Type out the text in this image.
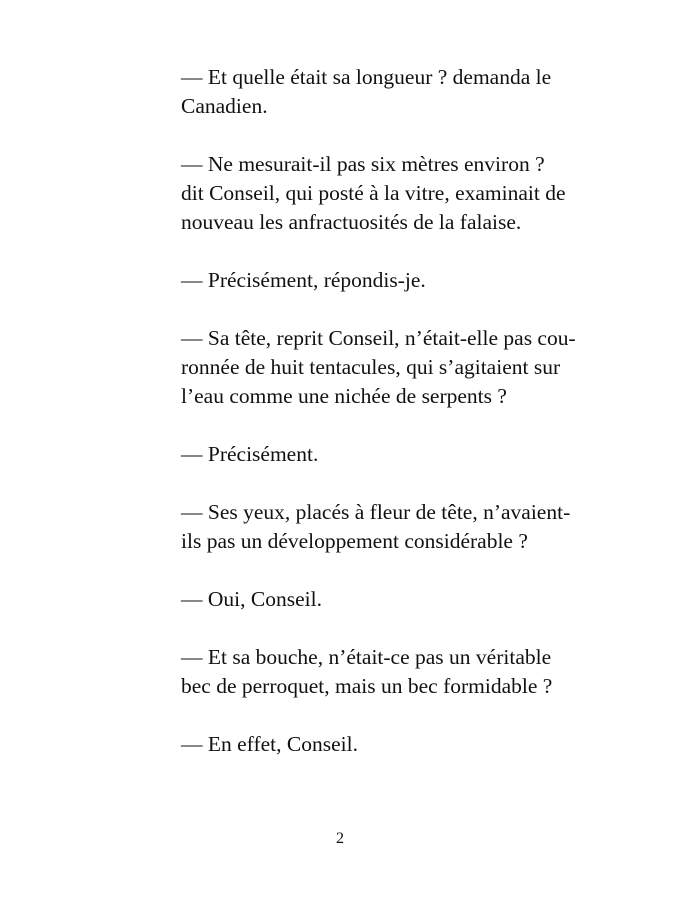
— Et quelle était sa longueur ? demanda le
Canadien.

— Ne mesurait-il pas six mètres environ ?
dit Conseil, qui posté à la vitre, examinait de
nouveau les anfractuosités de la falaise.

— Précisément, répondis-je.

— Sa tête, reprit Conseil, n’était-elle pas cou-
ronnée de huit tentacules, qui s’agitaient sur
l’eau comme une nichée de serpents ?

— Précisément.

— Ses yeux, placés à fleur de tête, n’avaient-
ils pas un développement considérable ?

— Oui, Conseil.

— Et sa bouche, n’était-ce pas un véritable
bec de perroquet, mais un bec formidable ?

— En effet, Conseil.

2
